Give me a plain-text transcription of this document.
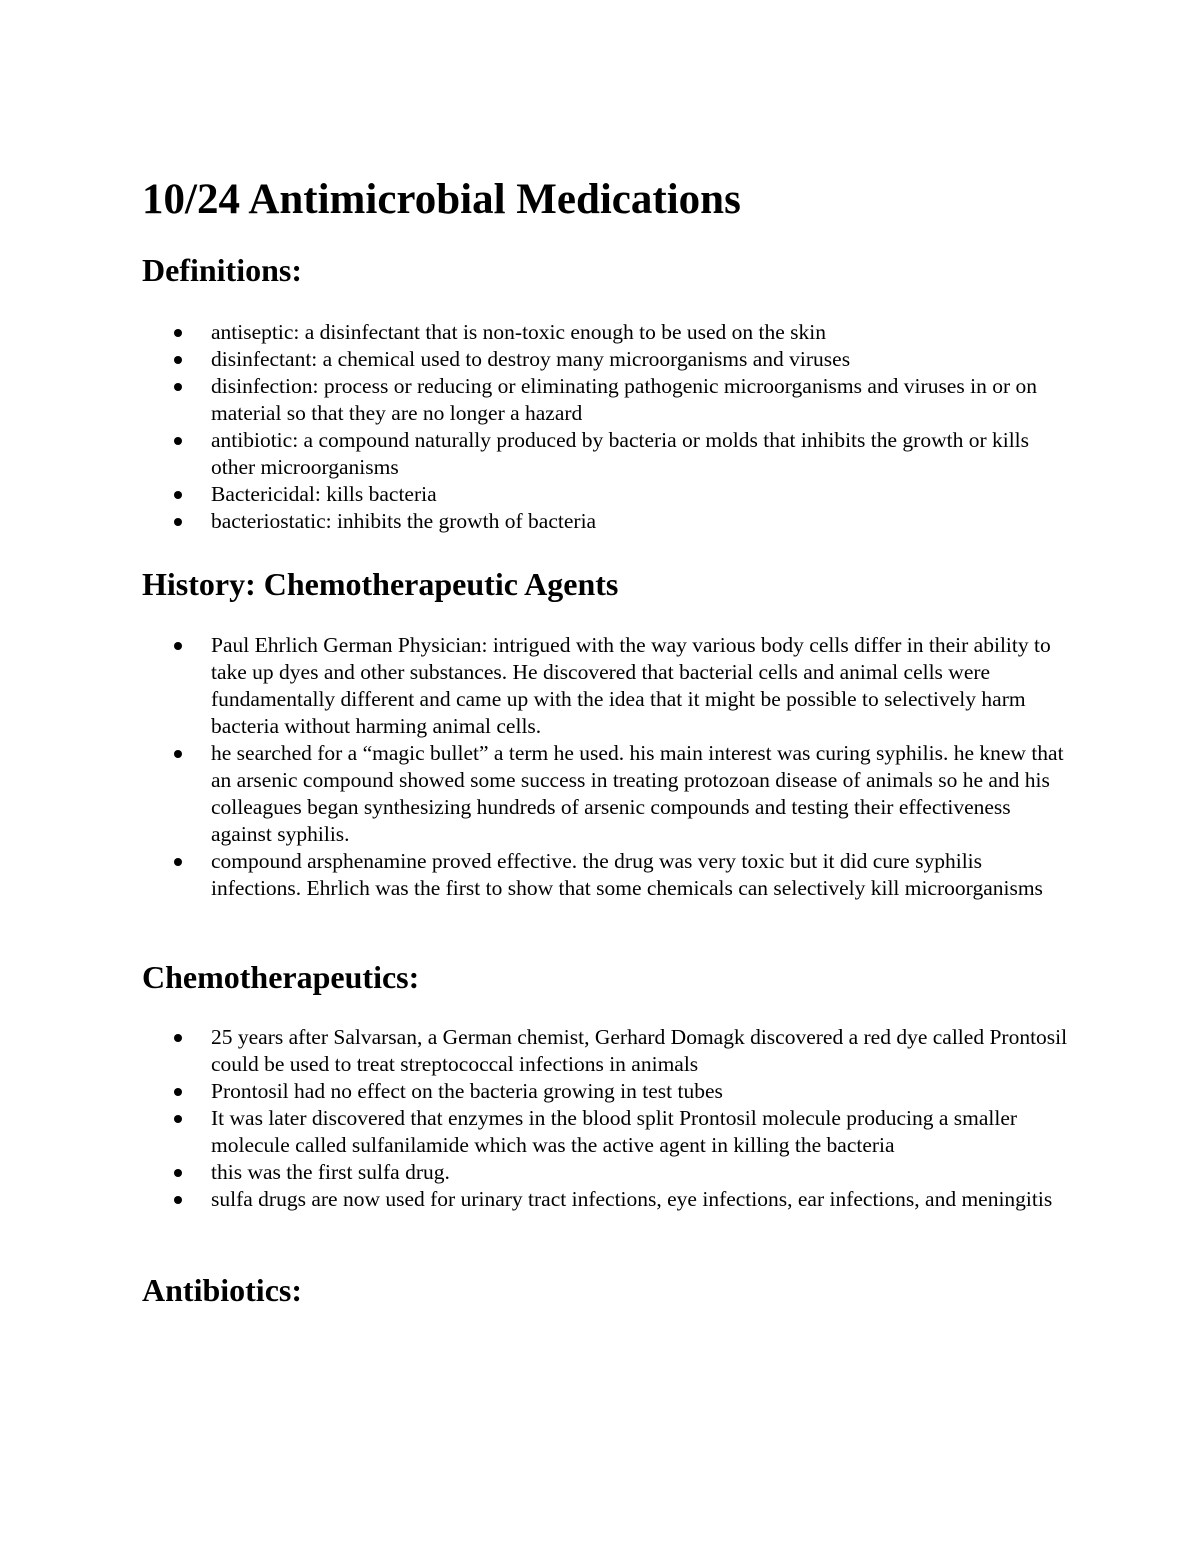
10/24 Antimicrobial Medications
Definitions:
antiseptic: a disinfectant that is non-toxic enough to be used on the skin
disinfectant: a chemical used to destroy many microorganisms and viruses
disinfection: process or reducing or eliminating pathogenic microorganisms and viruses in or on material so that they are no longer a hazard
antibiotic: a compound naturally produced by bacteria or molds that inhibits the growth or kills other microorganisms
Bactericidal: kills bacteria
bacteriostatic: inhibits the growth of bacteria
History: Chemotherapeutic Agents
Paul Ehrlich German Physician: intrigued with the way various body cells differ in their ability to take up dyes and other substances. He discovered that bacterial cells and animal cells were fundamentally different and came up with the idea that it might be possible to selectively harm bacteria without harming animal cells.
he searched for a “magic bullet” a term he used. his main interest was curing syphilis. he knew that an arsenic compound showed some success in treating protozoan disease of animals so he and his colleagues began synthesizing hundreds of arsenic compounds and testing their effectiveness against syphilis.
compound arsphenamine proved effective. the drug was very toxic but it did cure syphilis infections. Ehrlich was the first to show that some chemicals can selectively kill microorganisms
Chemotherapeutics:
25 years after Salvarsan, a German chemist, Gerhard Domagk discovered a red dye called Prontosil could be used to treat streptococcal infections in animals
Prontosil had no effect on the bacteria growing in test tubes
It was later discovered that enzymes in the blood split Prontosil molecule producing a smaller molecule called sulfanilamide which was the active agent in killing the bacteria
this was the first sulfa drug.
sulfa drugs are now used for urinary tract infections, eye infections, ear infections, and meningitis
Antibiotics:
